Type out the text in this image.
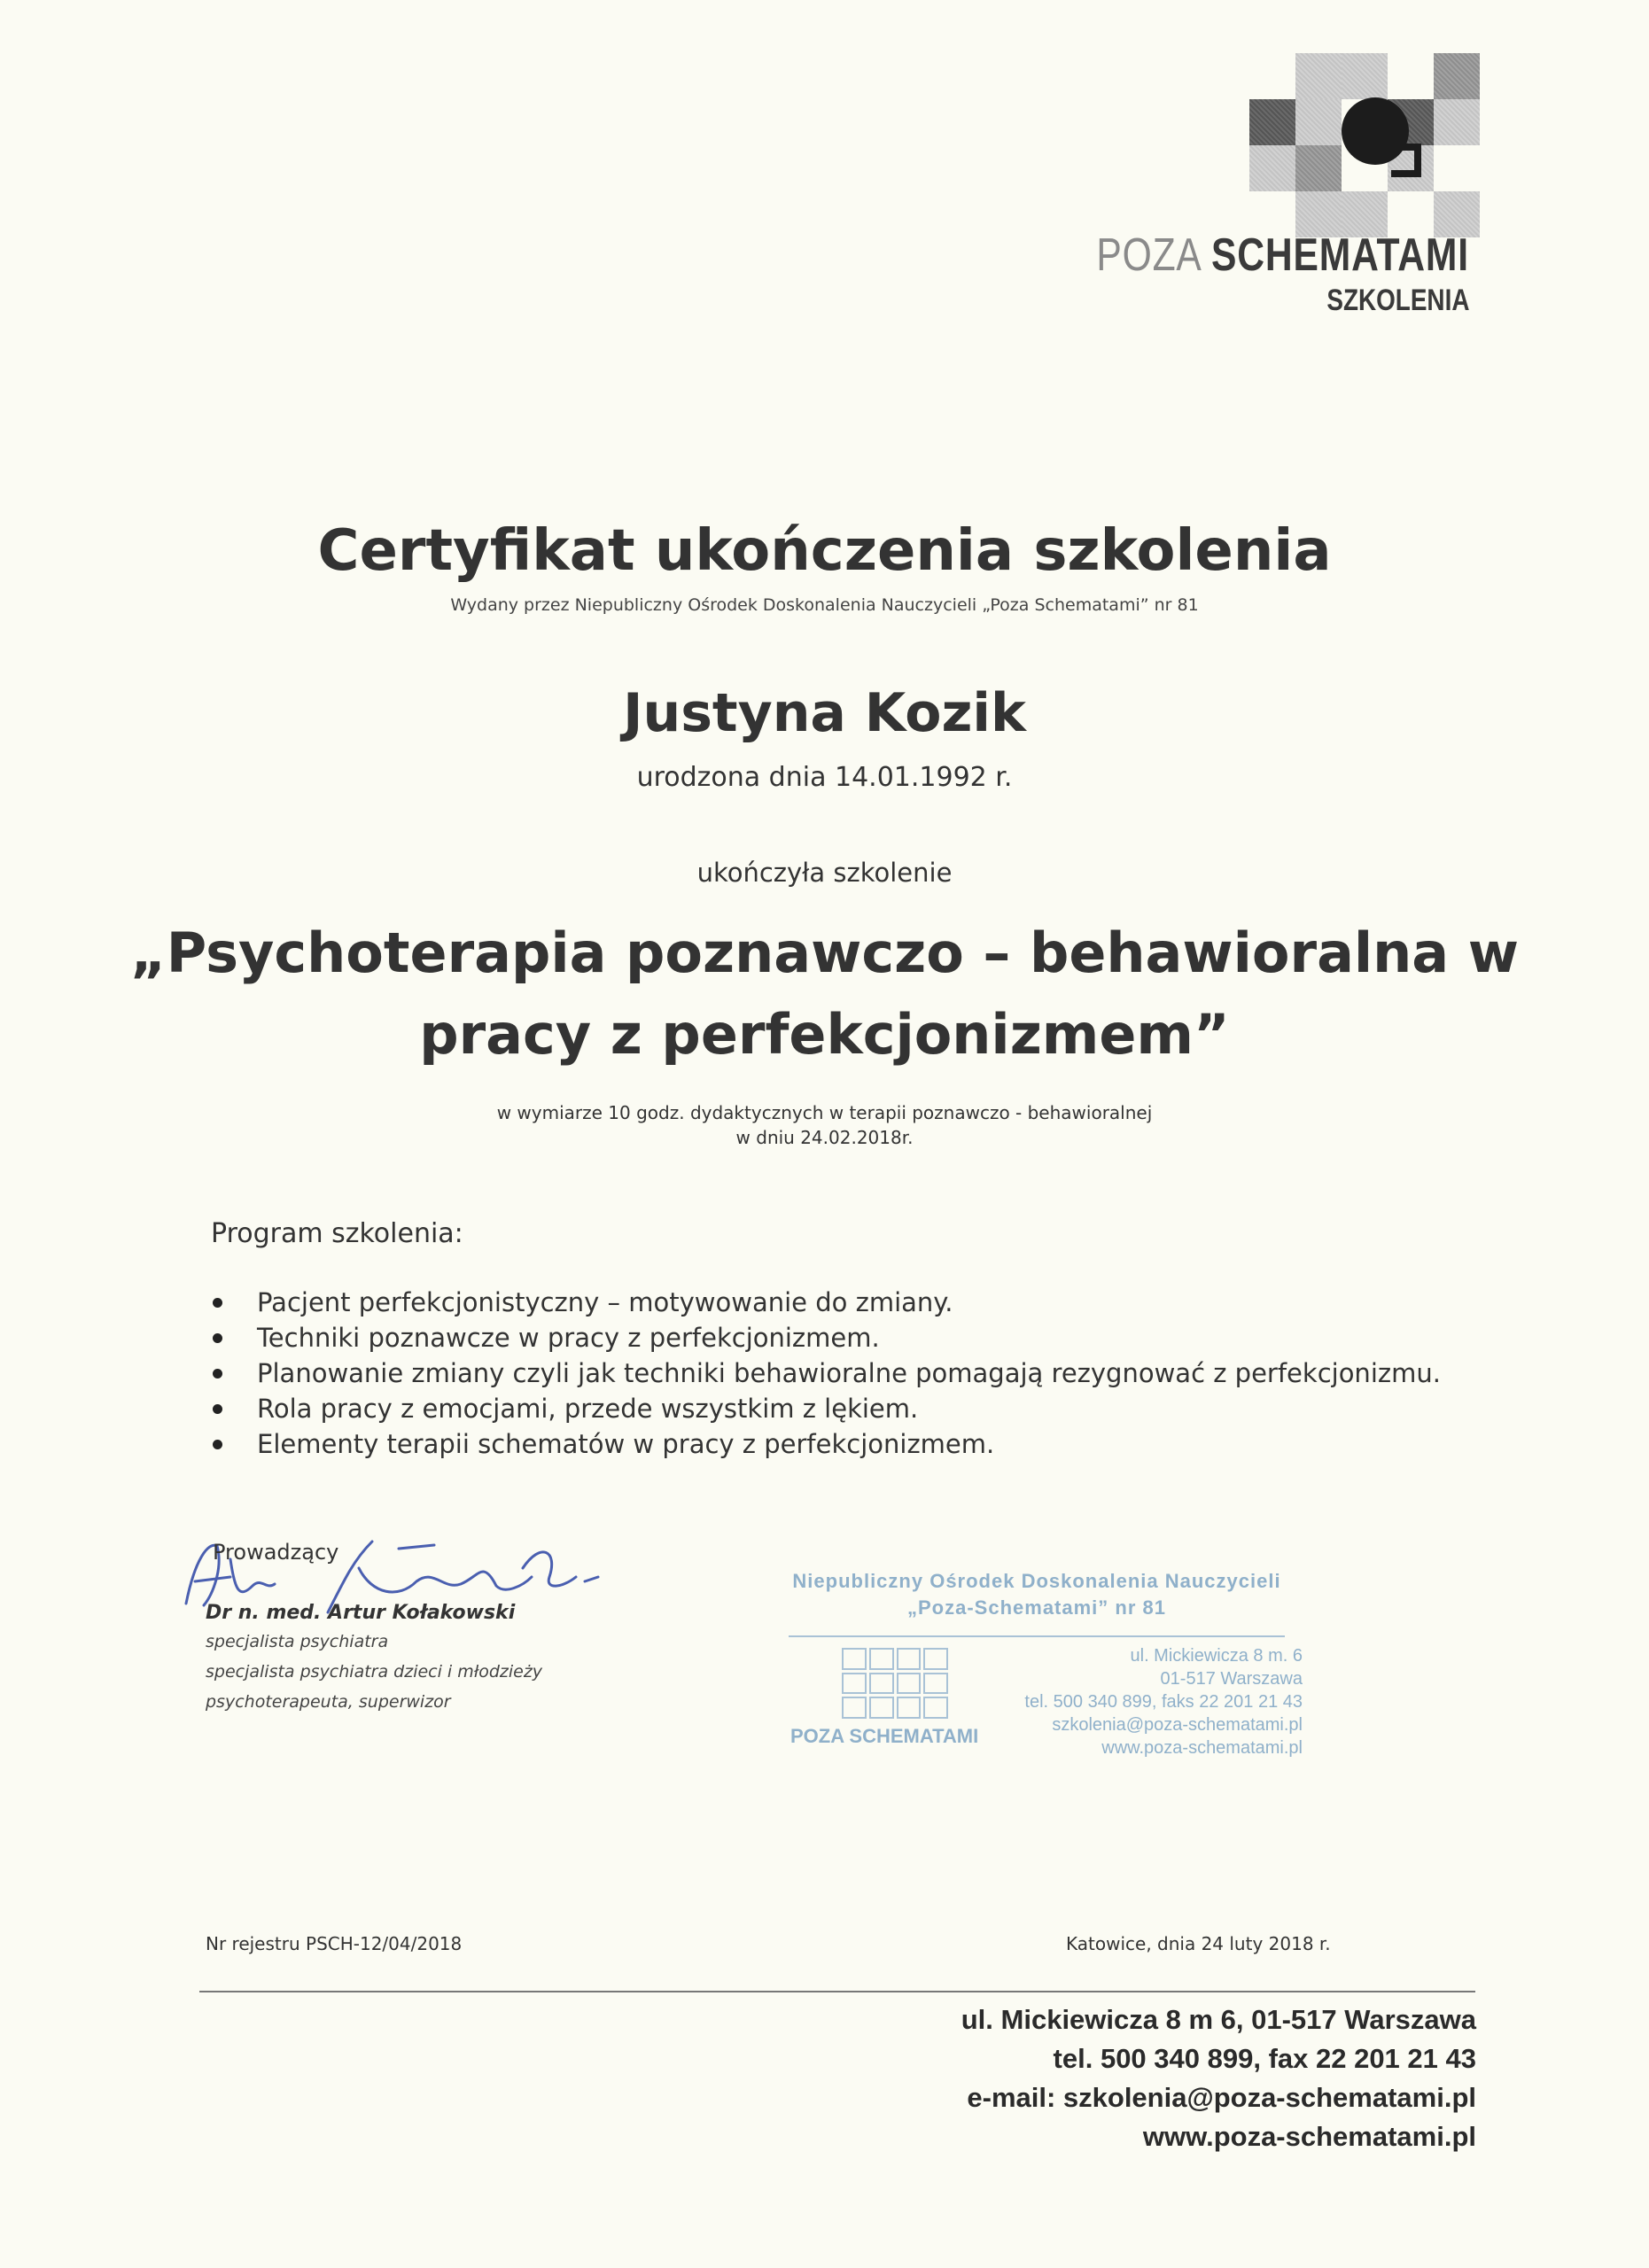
POZA SCHEMATAMI
SZKOLENIA
Certyfikat ukończenia szkolenia
Wydany przez Niepubliczny Ośrodek Doskonalenia Nauczycieli „Poza Schematami” nr 81
Justyna Kozik
urodzona dnia 14.01.1992 r.
ukończyła szkolenie
„Psychoterapia poznawczo – behawioralna w
pracy z perfekcjonizmem”
w wymiarze 10 godz. dydaktycznych w terapii poznawczo - behawioralnej
w dniu 24.02.2018r.
Program szkolenia:
Pacjent perfekcjonistyczny – motywowanie do zmiany.
Techniki poznawcze w pracy z perfekcjonizmem.
Planowanie zmiany czyli jak techniki behawioralne pomagają rezygnować z perfekcjonizmu.
Rola pracy z emocjami, przede wszystkim z lękiem.
Elementy terapii schematów w pracy z perfekcjonizmem.
Prowadzący
Dr n. med. Artur Kołakowski
specjalista psychiatra
specjalista psychiatra dzieci i młodzieży
psychoterapeuta, superwizor
Niepubliczny Ośrodek Doskonalenia Nauczycieli
„Poza-Schematami” nr 81
POZA SCHEMATAMI
ul. Mickiewicza 8 m. 6
01-517 Warszawa
tel. 500 340 899, faks 22 201 21 43
szkolenia@poza-schematami.pl
www.poza-schematami.pl
Nr rejestru PSCH-12/04/2018	Katowice, dnia 24 luty 2018 r.
ul. Mickiewicza 8 m 6, 01-517 Warszawa
tel. 500 340 899, fax 22 201 21 43
e-mail: szkolenia@poza-schematami.pl
www.poza-schematami.pl
